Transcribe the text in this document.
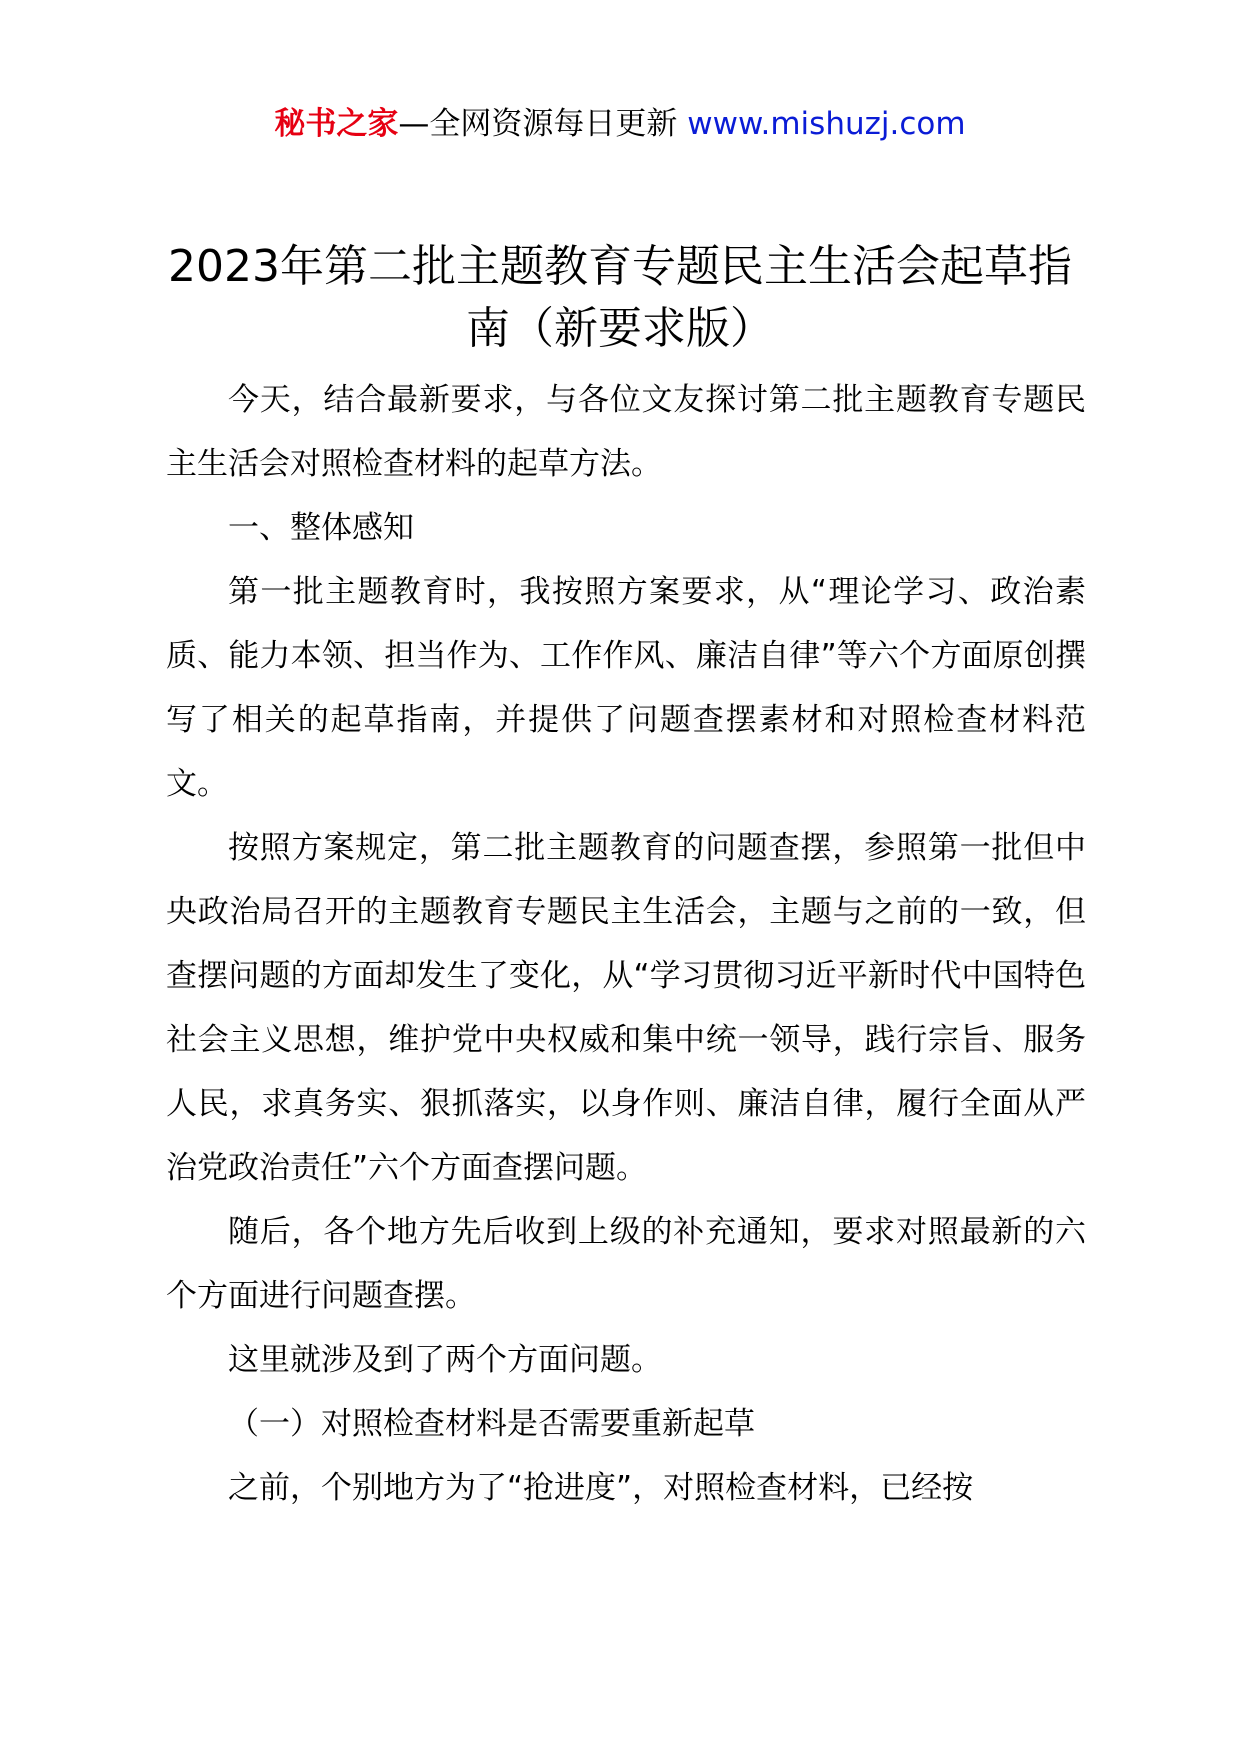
秘书之家—全网资源每日更新 www.mishuzj.com
2023年第二批主题教育专题民主生活会起草指南（新要求版）

今天，结合最新要求，与各位文友探讨第二批主题教育专题民主生活会对照检查材料的起草方法。

一、整体感知

第一批主题教育时，我按照方案要求，从“理论学习、政治素质、能力本领、担当作为、工作作风、廉洁自律”等六个方面原创撰写了相关的起草指南，并提供了问题查摆素材和对照检查材料范文。

按照方案规定，第二批主题教育的问题查摆，参照第一批但中央政治局召开的主题教育专题民主生活会，主题与之前的一致，但查摆问题的方面却发生了变化，从“学习贯彻习近平新时代中国特色社会主义思想，维护党中央权威和集中统一领导，践行宗旨、服务人民，求真务实、狠抓落实，以身作则、廉洁自律，履行全面从严治党政治责任”六个方面查摆问题。

随后，各个地方先后收到上级的补充通知，要求对照最新的六个方面进行问题查摆。

这里就涉及到了两个方面问题。

（一）对照检查材料是否需要重新起草

之前，个别地方为了“抢进度”，对照检查材料，已经按
